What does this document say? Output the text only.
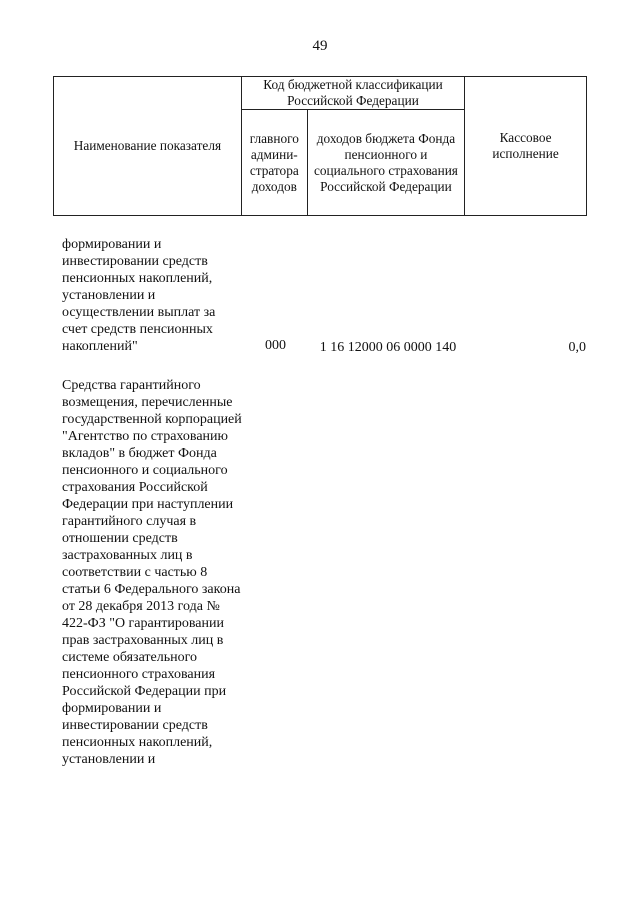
49
Наименование показателя	Код бюджетной классификации Российской Федерации		Кассовое исполнение
	главного админи-стратора доходов	доходов бюджета Фонда пенсионного и социального страхования Российской Федерации	
формировании и инвестировании средств пенсионных накоплений, установлении и осуществлении выплат за счет средств пенсионных накоплений"	000	1 16 12000 06 0000 140	0,0
Средства гарантийного возмещения, перечисленные государственной корпорацией "Агентство по страхованию вкладов" в бюджет Фонда пенсионного и социального страхования Российской Федерации при наступлении гарантийного случая в отношении средств застрахованных лиц в соответствии с частью 8 статьи 6 Федерального закона
от 28 декабря 2013 года № 422-ФЗ "О гарантировании прав застрахованных лиц в системе обязательного пенсионного страхования Российской Федерации при формировании и инвестировании средств пенсионных накоплений, установлении и
